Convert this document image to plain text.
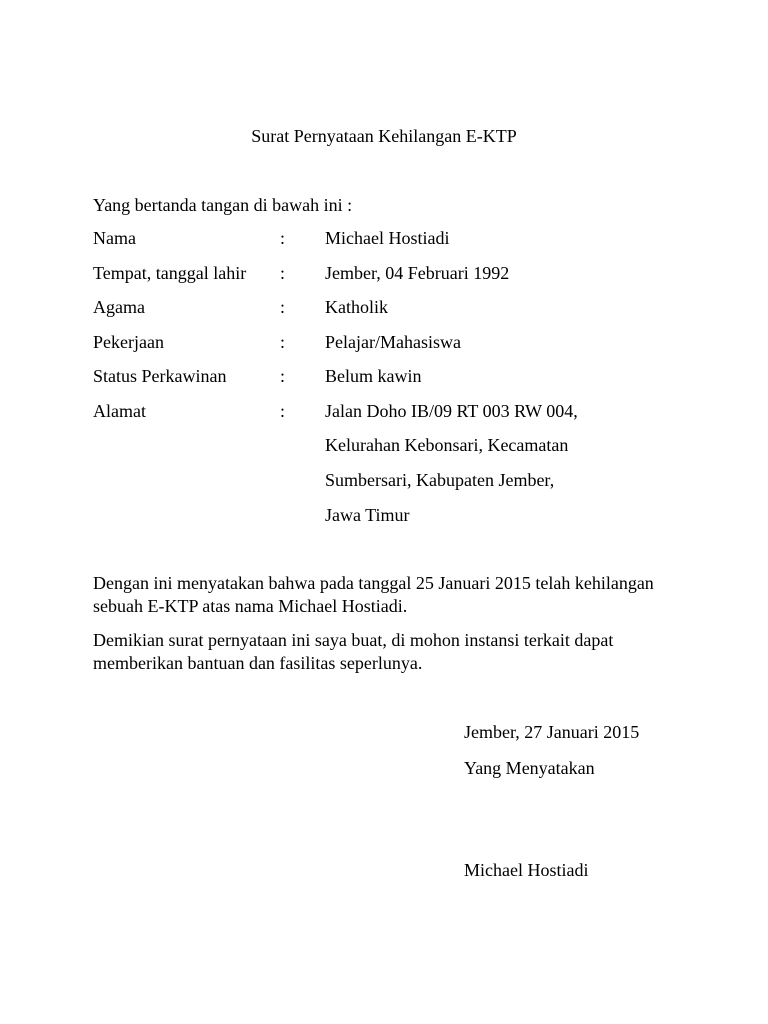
Surat Pernyataan Kehilangan E-KTP
Yang bertanda tangan di bawah ini :
Nama	: Michael Hostiadi
Tempat, tanggal lahir : Jember, 04 Februari 1992
Agama	: Katholik
Pekerjaan	: Pelajar/Mahasiswa
Status Perkawinan	: Belum kawin
Alamat	: Jalan Doho IB/09 RT 003 RW 004,
Kelurahan Kebonsari, Kecamatan
Sumbersari, Kabupaten Jember,
Jawa Timur

Dengan ini menyatakan bahwa pada tanggal 25 Januari 2015 telah kehilangan sebuah E-KTP atas nama Michael Hostiadi.

Demikian surat pernyataan ini saya buat, di mohon instansi terkait dapat memberikan bantuan dan fasilitas seperlunya.

Jember, 27 Januari 2015
Yang Menyatakan
Michael Hostiadi
